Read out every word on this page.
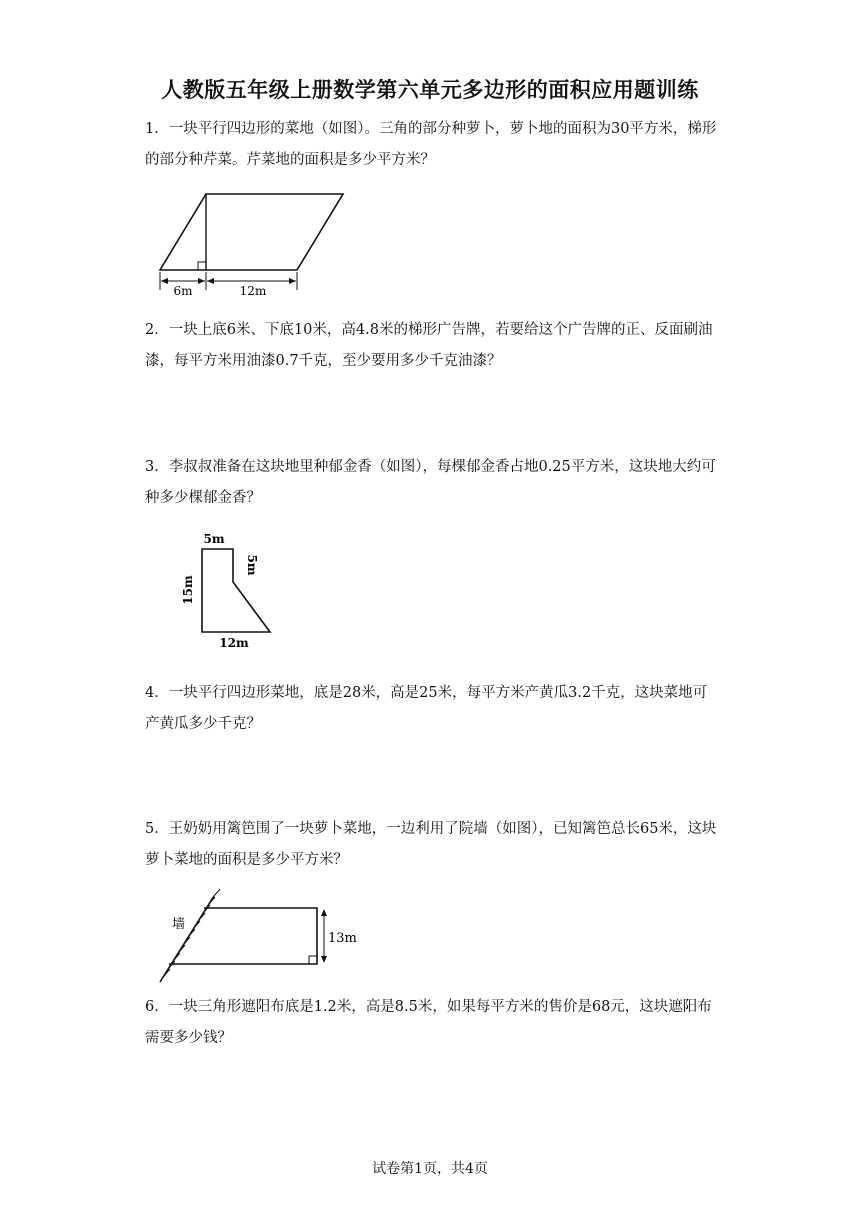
人教版五年级上册数学第六单元多边形的面积应用题训练
1．一块平行四边形的菜地（如图）。三角的部分种萝卜，萝卜地的面积为30平方米，梯形的部分种芹菜。芹菜地的面积是多少平方米？
6m	12m
2．一块上底6米、下底10米，高4.8米的梯形广告牌，若要给这个广告牌的正、反面刷油漆，每平方米用油漆0.7千克，至少要用多少千克油漆？
3．李叔叔准备在这块地里种郁金香（如图），每棵郁金香占地0.25平方米，这块地大约可种多少棵郁金香？
5m
5m
15m
12m
4．一块平行四边形菜地，底是28米，高是25米，每平方米产黄瓜3.2千克，这块菜地可产黄瓜多少千克？
5．王奶奶用篱笆围了一块萝卜菜地，一边利用了院墙（如图），已知篱笆总长65米，这块萝卜菜地的面积是多少平方米？
墙
13m
6．一块三角形遮阳布底是1.2米，高是8.5米，如果每平方米的售价是68元，这块遮阳布需要多少钱？
试卷第1页，共4页
